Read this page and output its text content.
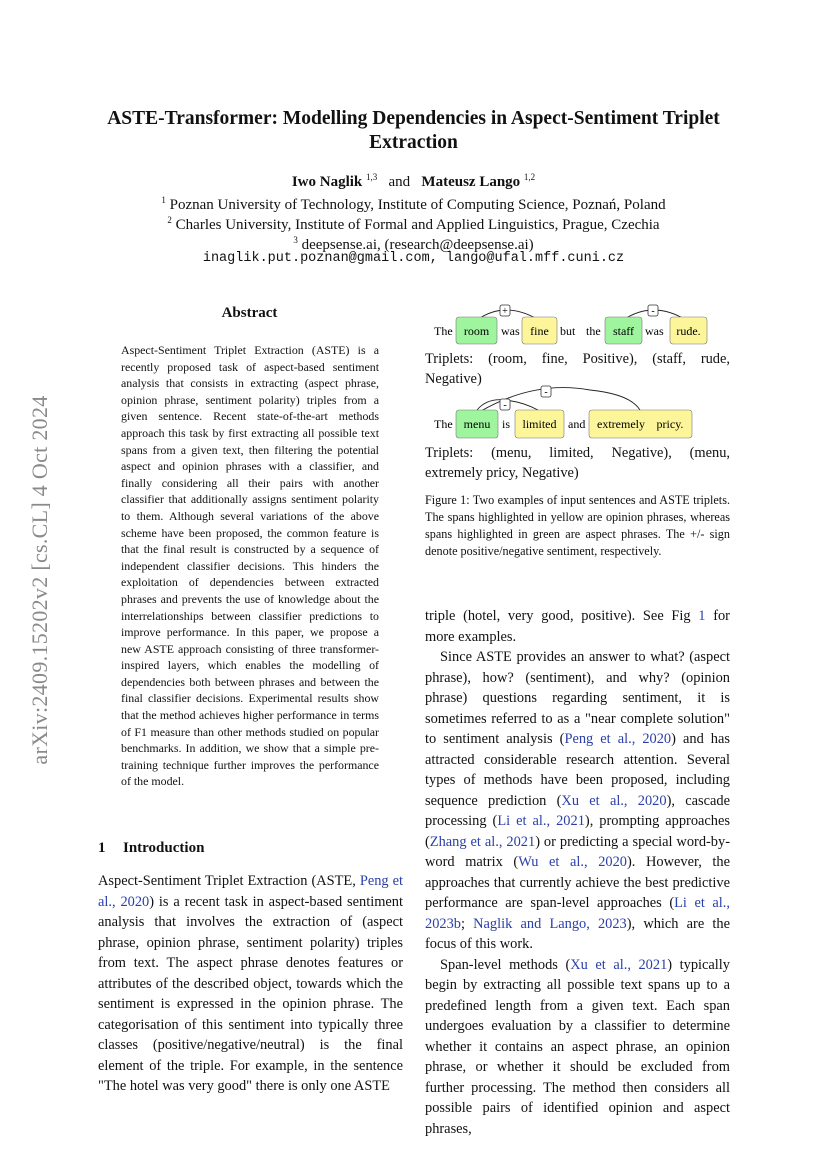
arXiv:2409.15202v2 [cs.CL] 4 Oct 2024
ASTE-Transformer: Modelling Dependencies in Aspect-Sentiment Triplet Extraction
Iwo Naglik $^{1,3}$ and Mateusz Lango $^{1,2}$
$^1$ Poznan University of Technology, Institute of Computing Science, Poznań, Poland
$^2$ Charles University, Institute of Formal and Applied Linguistics, Prague, Czechia
$^3$ deepsense.ai, (research@deepsense.ai)
inaglik.put.poznan@gmail.com, lango@ufal.mff.cuni.cz
Abstract
Aspect-Sentiment Triplet Extraction (ASTE) is a recently proposed task of aspect-based sentiment analysis that consists in extracting (aspect phrase, opinion phrase, sentiment polarity) triples from a given sentence. Recent state-of-the-art methods approach this task by first extracting all possible text spans from a given text, then filtering the potential aspect and opinion phrases with a classifier, and finally considering all their pairs with another classifier that additionally assigns sentiment polarity to them. Although several variations of the above scheme have been proposed, the common feature is that the final result is constructed by a sequence of independent classifier decisions. This hinders the exploitation of dependencies between extracted phrases and prevents the use of knowledge about the interrelationships between classifier predictions to improve performance. In this paper, we propose a new ASTE approach consisting of three transformer-inspired layers, which enables the modelling of dependencies both between phrases and between the final classifier decisions. Experimental results show that the method achieves higher performance in terms of F1 measure than other methods studied on popular benchmarks. In addition, we show that a simple pre-training technique further improves the performance of the model.
1 Introduction
Aspect-Sentiment Triplet Extraction (ASTE, Peng et al., 2020) is a recent task in aspect-based sentiment analysis that involves the extraction of (aspect phrase, opinion phrase, sentiment polarity) triples from text. The aspect phrase denotes features or attributes of the described object, towards which the sentiment is expressed in the opinion phrase. The categorisation of this sentiment into typically three classes (positive/negative/neutral) is the final element of the triple. For example, in the sentence "The hotel was very good" there is only one ASTE
room	fine	staff	rude.
The	was	but the	was
+	-
Triplets: (room, fine, Positive), (staff, rude, Negative)
menu	limited	extremely pricy.
The	is	and
-
-
Triplets: (menu, limited, Negative), (menu, extremely pricy, Negative)
Figure 1: Two examples of input sentences and ASTE triplets. The spans highlighted in yellow are opinion phrases, whereas spans highlighted in green are aspect phrases. The +/- sign denote positive/negative sentiment, respectively.

triple (hotel, very good, positive). See Fig 1 for more examples.

Since ASTE provides an answer to what? (aspect phrase), how? (sentiment), and why? (opinion phrase) questions regarding sentiment, it is sometimes referred to as a "near complete solution" to sentiment analysis (Peng et al., 2020) and has attracted considerable research attention. Several types of methods have been proposed, including sequence prediction (Xu et al., 2020), cascade processing (Li et al., 2021), prompting approaches (Zhang et al., 2021) or predicting a special word-by-word matrix (Wu et al., 2020). However, the approaches that currently achieve the best predictive performance are span-level approaches (Li et al., 2023b; Naglik and Lango, 2023), which are the focus of this work.

Span-level methods (Xu et al., 2021) typically begin by extracting all possible text spans up to a predefined length from a given text. Each span undergoes evaluation by a classifier to determine whether it contains an aspect phrase, an opinion phrase, or whether it should be excluded from further processing. The method then considers all possible pairs of identified opinion and aspect phrases,
